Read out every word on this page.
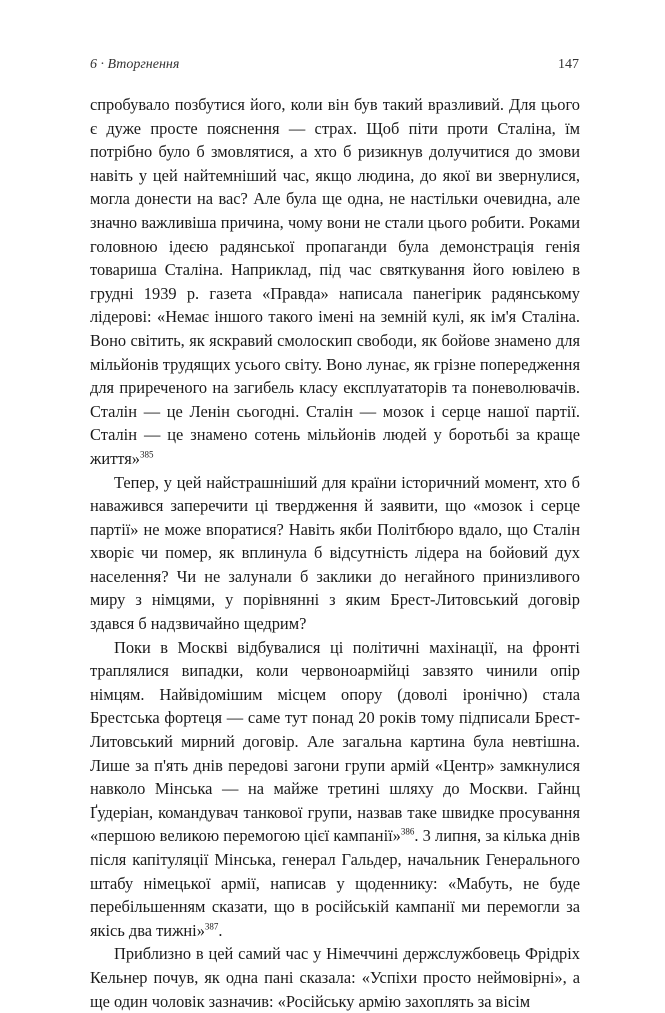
6 · Вторгнення	147

спробувало позбутися його, коли він був такий вразливий. Для цього є дуже просте пояснення — страх. Щоб піти проти Сталіна, їм потрібно було б змовлятися, а хто б ризикнув долучитися до змови навіть у цей найтемніший час, якщо людина, до якої ви звернулися, могла донести на вас? Але була ще одна, не настільки очевидна, але значно важливіша причина, чому вони не стали цього робити. Роками головною ідеєю радянської пропаганди була демонстрація генія товариша Сталіна. Наприклад, під час святкування його ювілею в грудні 1939 р. газета «Правда» написала панегірик радянському лідерові: «Немає іншого такого імені на земній кулі, як ім'я Сталіна. Воно світить, як яскравий смолоскип свободи, як бойове знамено для мільйонів трудящих усього світу. Воно лунає, як грізне попередження для приреченого на загибель класу експлуататорів та поневолювачів. Сталін — це Ленін сьогодні. Сталін — мозок і серце нашої партії. Сталін — це знамено сотень мільйонів людей у боротьбі за краще життя»$^{385}$

Тепер, у цей найстрашніший для країни історичний момент, хто б наважився заперечити ці твердження й заявити, що «мозок і серце партії» не може впоратися? Навіть якби Політбюро вдало, що Сталін хворіє чи помер, як вплинула б відсутність лідера на бойовий дух населення? Чи не залунали б заклики до негайного принизливого миру з німцями, у порівнянні з яким Брест-Литовський договір здався б надзвичайно щедрим?

Поки в Москві відбувалися ці політичні махінації, на фронті траплялися випадки, коли червоноармійці завзято чинили опір німцям. Найвідомішим місцем опору (доволі іронічно) стала Брестська фортеця — саме тут понад 20 років тому підписали Брест-Литовський мирний договір. Але загальна картина була невтішна. Лише за п'ять днів передові загони групи армій «Центр» замкнулися навколо Мінська — на майже третині шляху до Москви. Гайнц Ґудеріан, командувач танкової групи, назвав таке швидке просування «першою великою перемогою цієї кампанії»$^{386}$. 3 липня, за кілька днів після капітуляції Мінська, генерал Гальдер, начальник Генерального штабу німецької армії, написав у щоденнику: «Мабуть, не буде перебільшенням сказати, що в російській кампанії ми перемогли за якісь два тижні»$^{387}$.

Приблизно в цей самий час у Німеччині держслужбовець Фрідріх Кельнер почув, як одна пані сказала: «Успіхи просто неймовірні», а ще один чоловік зазначив: «Російську армію захоплять за вісім
